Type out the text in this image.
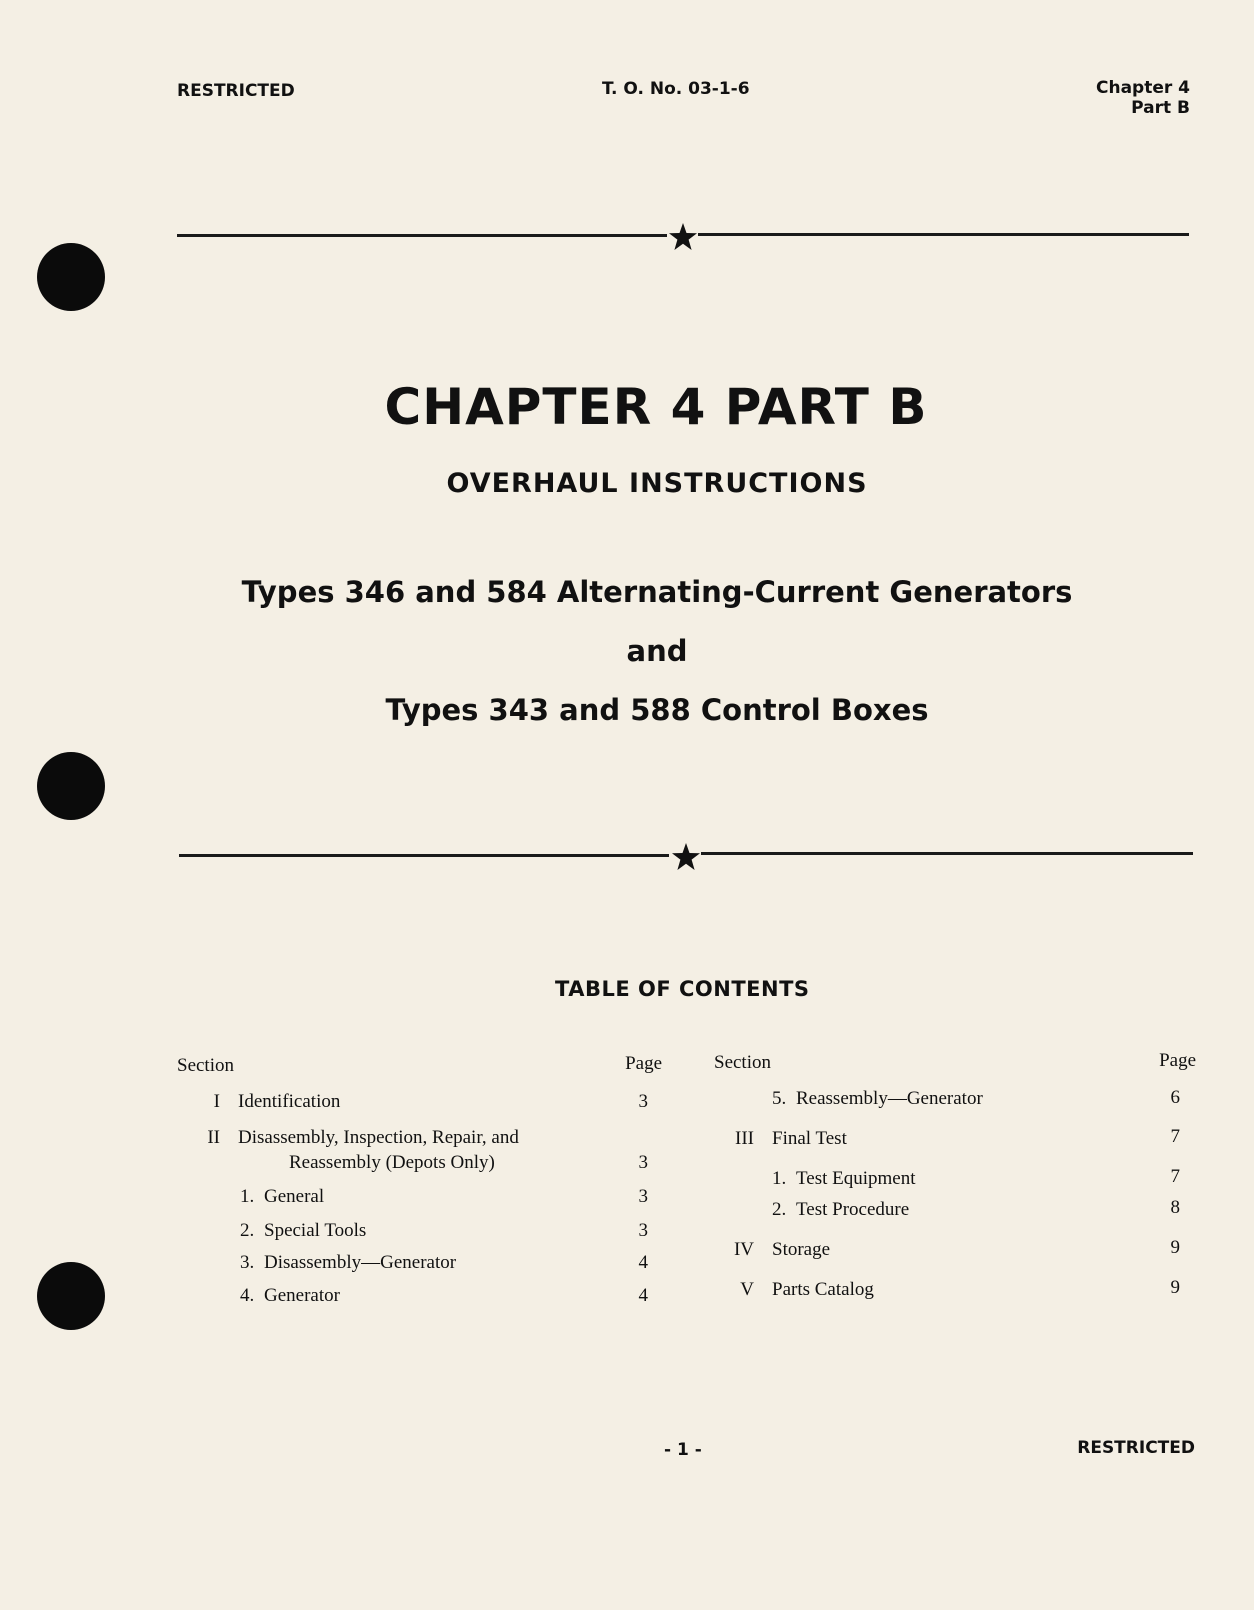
RESTRICTED	T. O. No. 03-1-6	Chapter 4
Part B
CHAPTER 4 PART B
OVERHAUL INSTRUCTIONS
Types 346 and 584 Alternating-Current Generators
and
Types 343 and 588 Control Boxes
TABLE OF CONTENTS
Section	Page
I Identification	3
II Disassembly, Inspection, Repair, and
Reassembly (Depots Only)	3
1. General	3
2. Special Tools	3
3. Disassembly—Generator	4
4. Generator	4
Section	Page
5. Reassembly—Generator	6
III Final Test	7
1. Test Equipment	7
2. Test Procedure	8
IV Storage	9
V Parts Catalog	9
- 1 -	RESTRICTED
